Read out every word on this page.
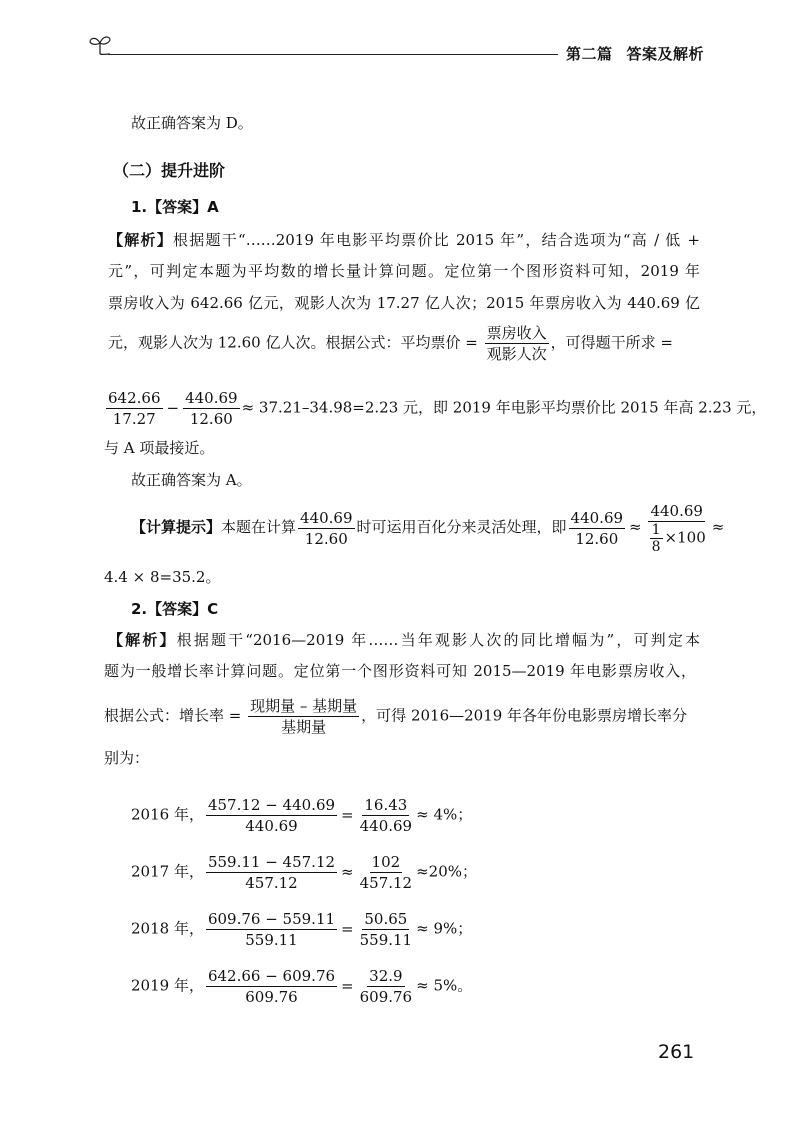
第二篇 答案及解析
故正确答案为 D。
（二）提升进阶
1.【答案】A
【解析】根据题干“……2019 年电影平均票价比 2015 年”，结合选项为“高 / 低 +
元”，可判定本题为平均数的增长量计算问题。定位第一个图形资料可知，2019 年
票房收入为 642.66 亿元，观影人次为 17.27 亿人次；2015 年票房收入为 440.69 亿
元，观影人次为 12.60 亿人次。根据公式：平均票价 = $\frac{\text{票房收入}}{\text{观影人次}}$ ，可得题干所求 =
$\frac{642.66}{17.27} - \frac{440.69}{12.60} \approx 37.21-34.98=2.23$ 元，即 2019 年电影平均票价比 2015 年高 2.23 元，
与 A 项最接近。
故正确答案为 A。
【计算提示】本题在计算 $\frac{440.69}{12.60}$ 时可运用百化分来灵活处理，即 $\frac{440.69}{12.60} \approx \frac{440.69}{\frac{1}{8} \times 100}$ ≈
4.4 × 8=35.2。
2.【答案】C
【解析】根据题干“2016—2019 年……当年观影人次的同比增幅为”，可判定本
题为一般增长率计算问题。定位第一个图形资料可知 2015—2019 年电影票房收入，
根据公式：增长率 = $\frac{\text{现期量 – 基期量}}{\text{基期量}}$ ，可得 2016—2019 年各年份电影票房增长率分
别为：
2016 年， $\frac{457.12 - 440.69}{440.69} = \frac{16.43}{440.69} \approx 4\%$；
2017 年， $\frac{559.11 - 457.12}{457.12} \approx \frac{102}{457.12} \approx 20\%$；
2018 年， $\frac{609.76 - 559.11}{559.11} = \frac{50.65}{559.11} \approx 9\%$；
2019 年， $\frac{642.66 - 609.76}{609.76} = \frac{32.9}{609.76} \approx 5\%$。
261
